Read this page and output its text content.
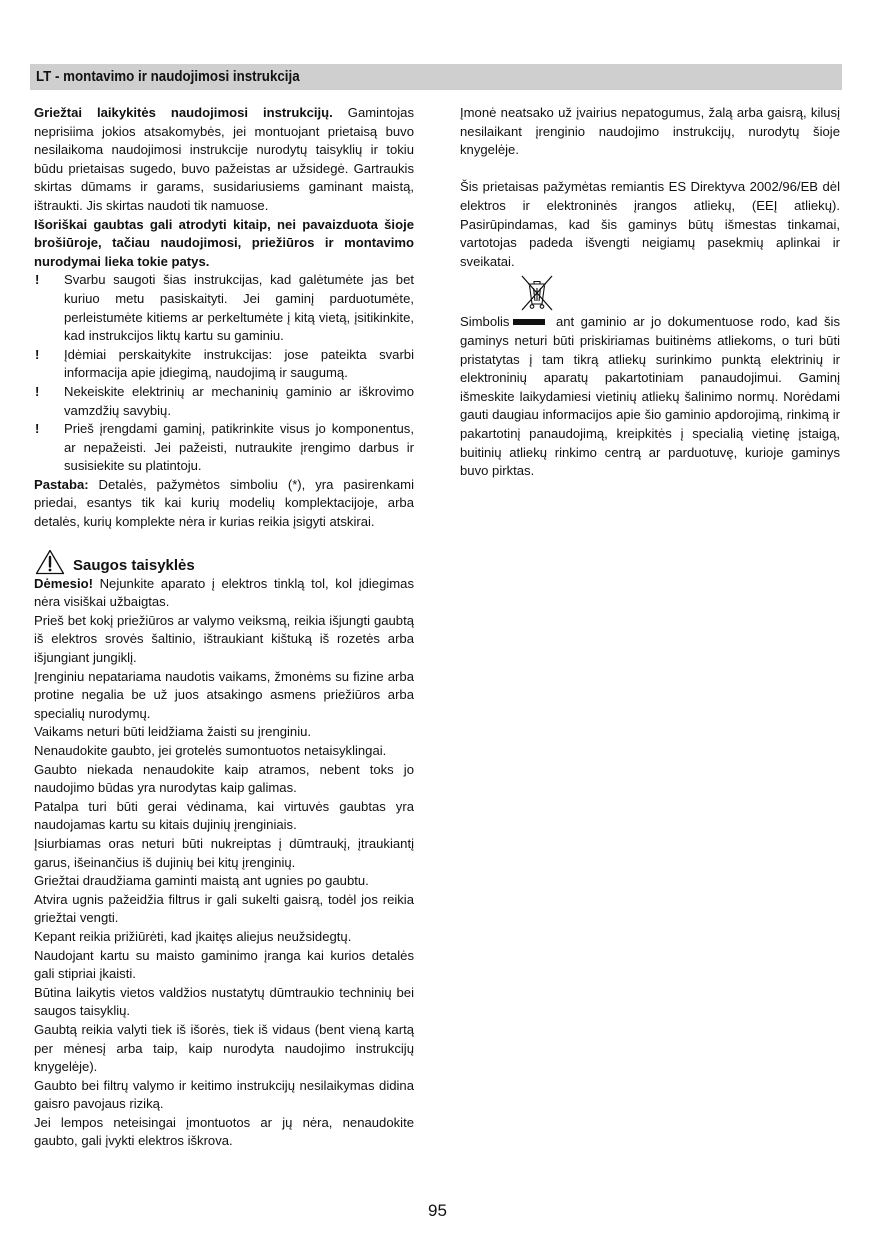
LT - montavimo ir naudojimosi instrukcija

Griežtai laikykitės naudojimosi instrukcijų. Gamintojas neprisiima jokios atsakomybės, jei montuojant prietaisą buvo nesilaikoma naudojimosi instrukcije nurodytų taisyklių ir tokiu būdu prietaisas sugedo, buvo pažeistas ar užsidegė. Gartraukis skirtas dūmams ir garams, susidariusiems gaminant maistą, ištraukti. Jis skirtas naudoti tik namuose.

Išoriškai gaubtas gali atrodyti kitaip, nei pavaizduota šioje brošiūroje, tačiau naudojimosi, priežiūros ir montavimo nurodymai lieka tokie patys.

!	Svarbu saugoti šias instrukcijas, kad galėtumėte jas bet kuriuo metu pasiskaityti. Jei gaminį parduotumėte, perleistumėte kitiems ar perkeltumėte į kitą vietą, įsitikinkite, kad instrukcijos liktų kartu su gaminiu.
!	Įdėmiai perskaitykite instrukcijas: jose pateikta svarbi informacija apie įdiegimą, naudojimą ir saugumą.
!	Nekeiskite elektrinių ar mechaninių gaminio ar iškrovimo vamzdžių savybių.
!	Prieš įrengdami gaminį, patikrinkite visus jo komponentus, ar nepažeisti. Jei pažeisti, nutraukite įrengimo darbus ir susisiekite su platintoju.

Pastaba: Detalės, pažymėtos simboliu (*), yra pasirenkami priedai, esantys tik kai kurių modelių komplektacijoje, arba detalės, kurių komplekte nėra ir kurias reikia įsigyti atskirai.

Saugos taisyklės

Dėmesio! Nejunkite aparato į elektros tinklą tol, kol įdiegimas nėra visiškai užbaigtas.

Prieš bet kokį priežiūros ar valymo veiksmą, reikia išjungti gaubtą iš elektros srovės šaltinio, ištraukiant kištuką iš rozetės arba išjungiant jungiklį.

Įrenginiu nepatariama naudotis vaikams, žmonėms su fizine arba protine negalia be už juos atsakingo asmens priežiūros arba specialių nurodymų.

Vaikams neturi būti leidžiama žaisti su įrenginiu.

Nenaudokite gaubto, jei grotelės sumontuotos netaisyklingai.

Gaubto niekada nenaudokite kaip atramos, nebent toks jo naudojimo būdas yra nurodytas kaip galimas.

Patalpa turi būti gerai vėdinama, kai virtuvės gaubtas yra naudojamas kartu su kitais dujinių įrenginiais.

Įsiurbiamas oras neturi būti nukreiptas į dūmtraukį, įtraukiantį garus, išeinančius iš dujinių bei kitų įrenginių.

Griežtai draudžiama gaminti maistą ant ugnies po gaubtu.

Atvira ugnis pažeidžia filtrus ir gali sukelti gaisrą, todėl jos reikia griežtai vengti.

Kepant reikia prižiūrėti, kad įkaitęs aliejus neužsidegtų.

Naudojant kartu su maisto gaminimo įranga kai kurios detalės gali stipriai įkaisti.

Būtina laikytis vietos valdžios nustatytų dūmtraukio techninių bei saugos taisyklių.

Gaubtą reikia valyti tiek iš išorės, tiek iš vidaus (bent vieną kartą per mėnesį arba taip, kaip nurodyta naudojimo instrukcijų knygelėje).

Gaubto bei filtrų valymo ir keitimo instrukcijų nesilaikymas didina gaisro pavojaus riziką.

Jei lempos neteisingai įmontuotos ar jų nėra, nenaudokite gaubto, gali įvykti elektros iškrova.

Įmonė neatsako už įvairius nepatogumus, žalą arba gaisrą, kilusį nesilaikant įrenginio naudojimo instrukcijų, nurodytų šioje knygelėje.

Šis prietaisas pažymėtas remiantis ES Direktyva 2002/96/EB dėl elektros ir elektroninės įrangos atliekų, (EEĮ atliekų). Pasirūpindamas, kad šis gaminys būtų išmestas tinkamai, vartotojas padeda išvengti neigiamų pasekmių aplinkai ir sveikatai.

Simbolis	ant gaminio ar jo dokumentuose rodo, kad šis gaminys neturi būti priskiriamas buitinėms atliekoms, o turi būti pristatytas į tam tikrą atliekų surinkimo punktą elektrinių ir elektroninių aparatų pakartotiniam panaudojimui. Gaminį išmeskite laikydamiesi vietinių atliekų šalinimo normų. Norėdami gauti daugiau informacijos apie šio gaminio apdorojimą, rinkimą ir pakartotinį panaudojimą, kreipkitės į specialią vietinę įstaigą, buitinių atliekų rinkimo centrą ar parduotuvę, kurioje gaminys buvo pirktas.

95
